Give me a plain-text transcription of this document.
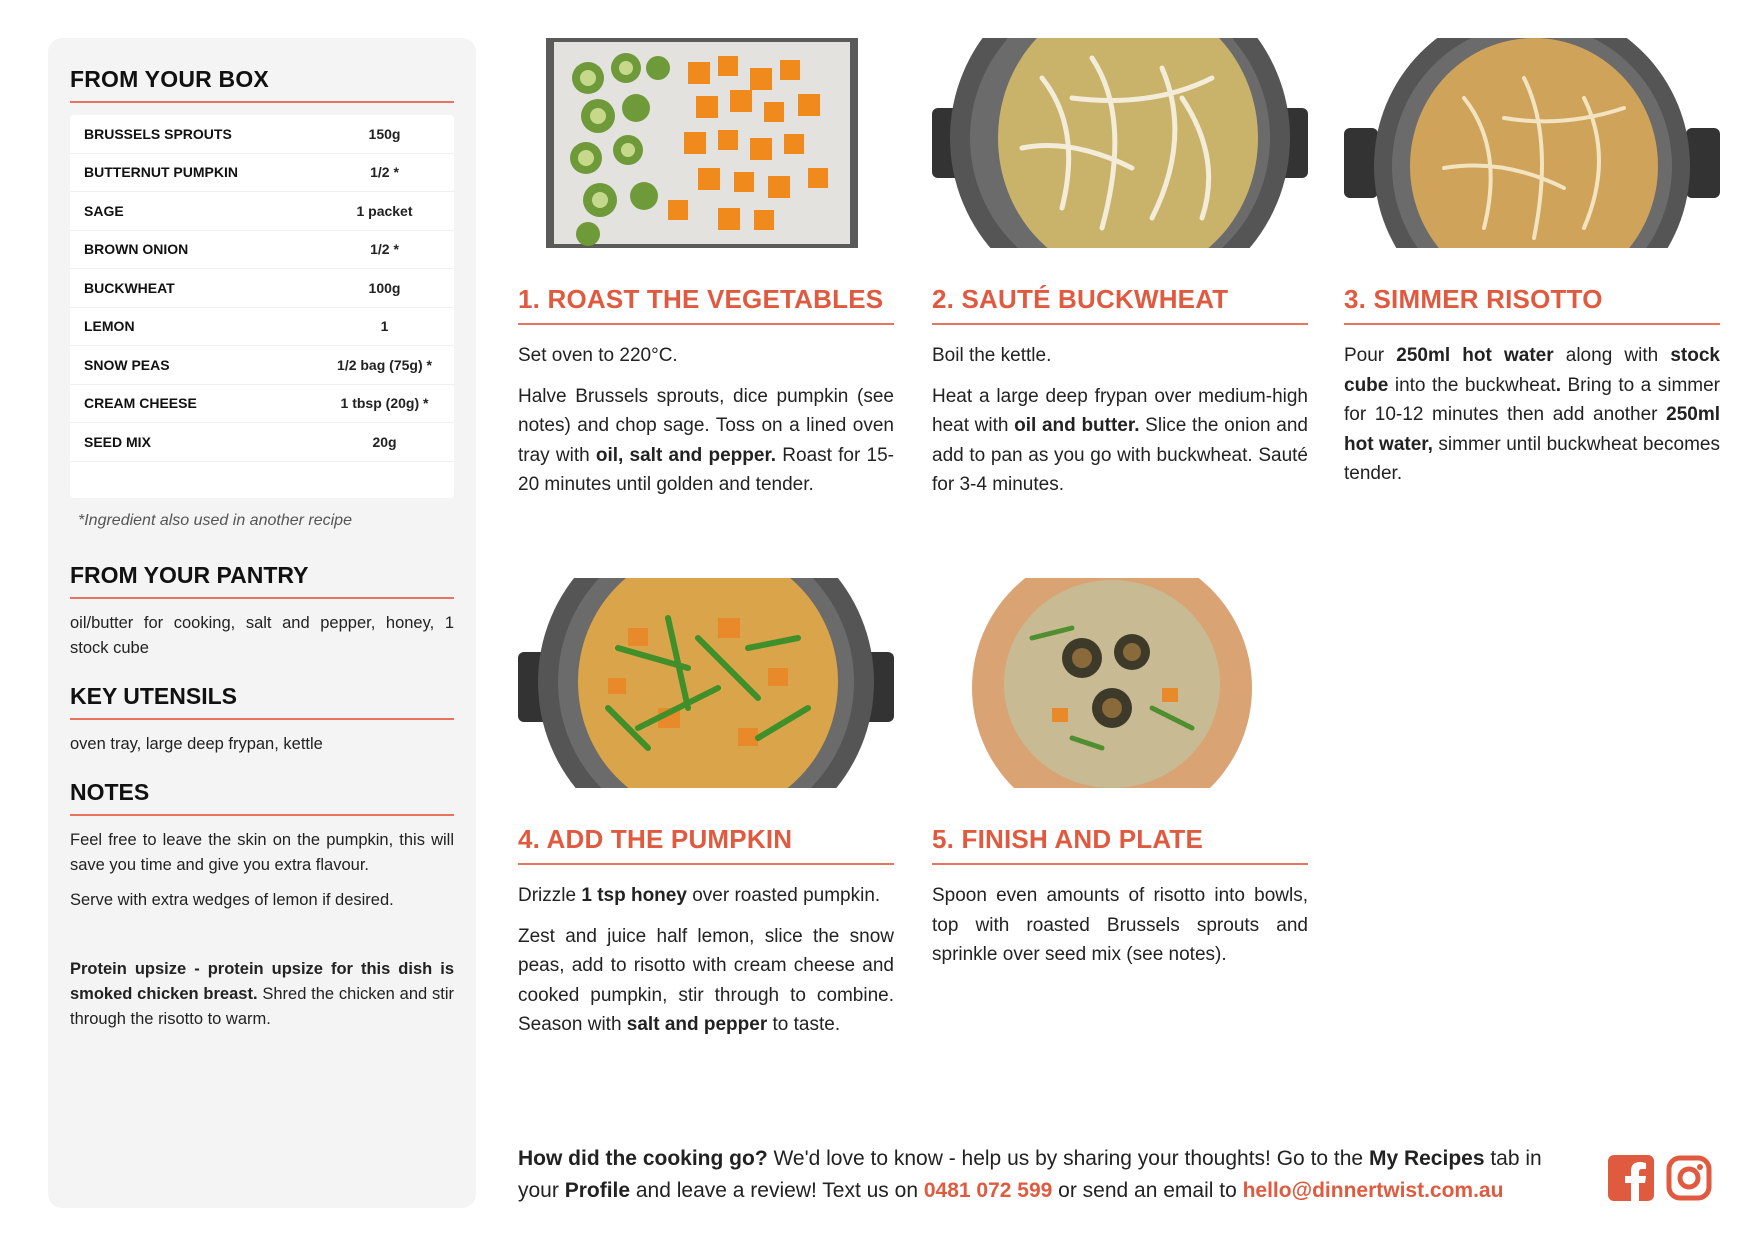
FROM YOUR BOX
BRUSSELS SPROUTS	150g
BUTTERNUT PUMPKIN	1/2 *
SAGE	1 packet
BROWN ONION	1/2 *
BUCKWHEAT	100g
LEMON	1
SNOW PEAS	1/2 bag (75g) *
CREAM CHEESE	1 tbsp (20g) *
SEED MIX	20g
*Ingredient also used in another recipe
FROM YOUR PANTRY

oil/butter for cooking, salt and pepper, honey, 1 stock cube

KEY UTENSILS

oven tray, large deep frypan, kettle

NOTES

Feel free to leave the skin on the pumpkin, this will save you time and give you extra flavour.

Serve with extra wedges of lemon if desired.

Protein upsize - protein upsize for this dish is smoked chicken breast. Shred the chicken and stir through the risotto to warm.

1. ROAST THE VEGETABLES

Set oven to 220°C.

Halve Brussels sprouts, dice pumpkin (see notes) and chop sage. Toss on a lined oven tray with oil, salt and pepper. Roast for 15-20 minutes until golden and tender.

2. SAUTÉ BUCKWHEAT

Boil the kettle.

Heat a large deep frypan over medium-high heat with oil and butter. Slice the onion and add to pan as you go with buckwheat. Sauté for 3-4 minutes.

3. SIMMER RISOTTO

Pour 250ml hot water along with stock cube into the buckwheat. Bring to a simmer for 10-12 minutes then add another 250ml hot water, simmer until buckwheat becomes tender.

4. ADD THE PUMPKIN

Drizzle 1 tsp honey over roasted pumpkin.

Zest and juice half lemon, slice the snow peas, add to risotto with cream cheese and cooked pumpkin, stir through to combine. Season with salt and pepper to taste.

5. FINISH AND PLATE

Spoon even amounts of risotto into bowls, top with roasted Brussels sprouts and sprinkle over seed mix (see notes).

How did the cooking go? We'd love to know - help us by sharing your thoughts! Go to the My Recipes tab in your Profile and leave a review! Text us on 0481 072 599 or send an email to hello@dinnertwist.com.au
